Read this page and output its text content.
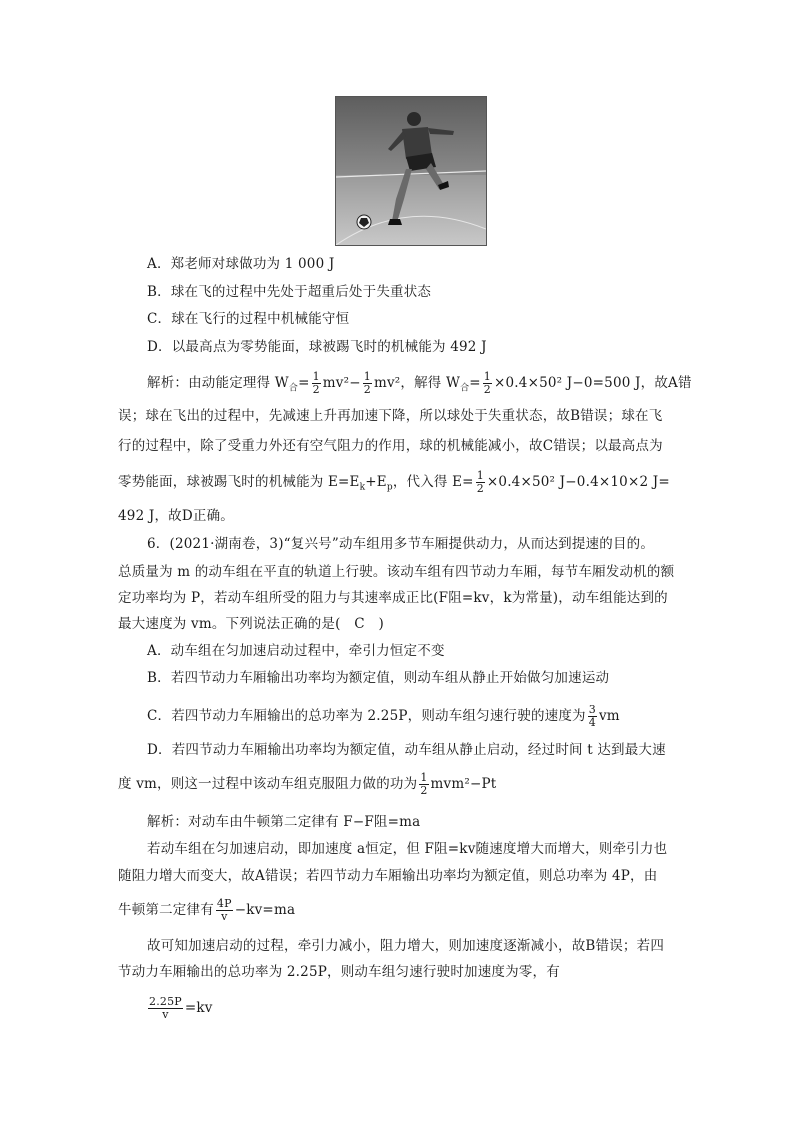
A．郑老师对球做功为 1 000 J
B．球在飞的过程中先处于超重后处于失重状态
C．球在飞行的过程中机械能守恒
D．以最高点为零势能面，球被踢飞时的机械能为 492 J
解析：由动能定理得 $W_合= \frac{1}{2} mv^2- \frac{1}{2} mv^2$，解得 $W_合= \frac{1}{2} \times 0.4\times 50^2$ J−0=500 J，故A错
误；球在飞出的过程中，先减速上升再加速下降，所以球处于失重状态，故B错误；球在飞
行的过程中，除了受重力外还有空气阻力的作用，球的机械能减小，故C错误；以最高点为
零势能面，球被踢飞时的机械能为 $E=E_k+E_p$，代入得 $E= \frac{1}{2} \times 0.4\times 50^2$ J−0.4×10×2 J=
492 J，故D正确。
6．(2021·湖南卷，3)“复兴号”动车组用多节车厢提供动力，从而达到提速的目的。
总质量为 m 的动车组在平直的轨道上行驶。该动车组有四节动力车厢，每节车厢发动机的额
定功率均为 P，若动车组所受的阻力与其速率成正比(F阻=kv，k为常量)，动车组能达到的
最大速度为 vm。下列说法正确的是(　C　)
A．动车组在匀加速启动过程中，牵引力恒定不变
B．若四节动力车厢输出功率均为额定值，则动车组从静止开始做匀加速运动
C．若四节动力车厢输出的总功率为 2.25P，则动车组匀速行驶的速度为 $\frac{3}{4}$ vm
D．若四节动力车厢输出功率均为额定值，动车组从静止启动，经过时间 t 达到最大速
度 vm，则这一过程中该动车组克服阻力做的功为 $\frac{1}{2} mvm^2-Pt$
解析：对动车由牛顿第二定律有 F−F阻=ma
若动车组在匀加速启动，即加速度 a恒定，但 F阻=kv随速度增大而增大，则牵引力也
随阻力增大而变大，故A错误；若四节动力车厢输出功率均为额定值，则总功率为 4P，由
牛顿第二定律有 $\frac{4P}{v} -kv=ma$
故可知加速启动的过程，牵引力减小，阻力增大，则加速度逐渐减小，故B错误；若四
节动力车厢输出的总功率为 2.25P，则动车组匀速行驶时加速度为零，有
$\frac{2.25P}{v} =kv$
